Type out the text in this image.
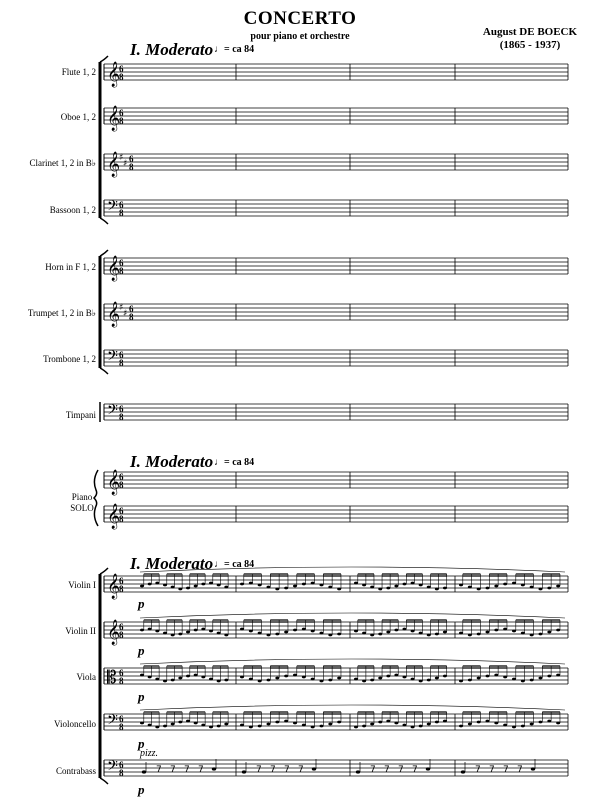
CONCERTO
pour piano et orchestre	August DE BOECK
(1865 - 1937)
I. Moderato ♩= ca 84
I. Moderato ♩= ca 84
I. Moderato ♩= ca 84
Flute 1, 2
Oboe 1, 2
Clarinet 1, 2 in B♭
Bassoon 1, 2
Horn in F 1, 2
Trumpet 1, 2 in B♭
Trombone 1, 2
Timpani
Piano
SOLO
Violin I
Violin II
Viola
Violoncello
Contrabass
p
p
p
p
pizz.
p
𝄞
6
8
𝄞
6
8
𝄞
♯
♯ 6
8
𝄢 6
8
𝄞
6
8
𝄞
♯
♯ 6
8
𝄢 6
8
𝄢 6
8
𝄞
6
8
𝄞
6
8
𝄞
6
8
𝄞
6
8
𝄡 6
8
𝄢 6
8
𝄢 6
8	7 7 7 7	7 7 7 7	7 7 7 7	7 7 7 7
